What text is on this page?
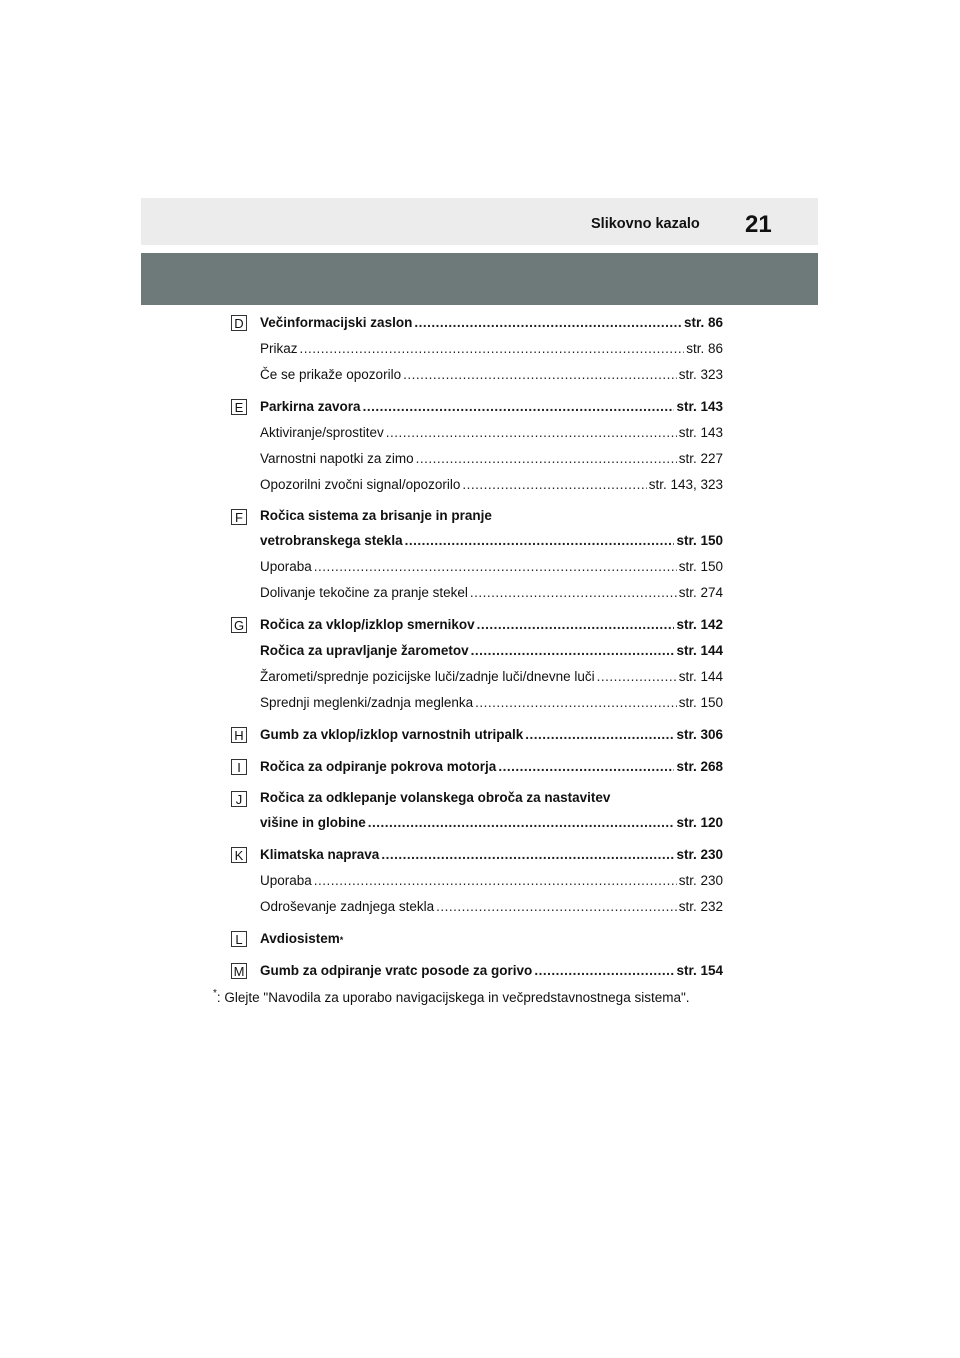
Slikovno kazalo 21
D Večinformacijski zaslon .....	str. 86
Prikaz .....	str. 86
Če se prikaže opozorilo .....	str. 323
E Parkirna zavora .....	str. 143
Aktiviranje/sprostitev .....	str. 143
Varnostni napotki za zimo .....	str. 227
Opozorilni zvočni signal/opozorilo .....	str. 143, 323
F Ročica sistema za brisanje in pranje
vetrobranskega stekla .....	str. 150
Uporaba .....	str. 150
Dolivanje tekočine za pranje stekel .....	str. 274
G Ročica za vklop/izklop smernikov .....	str. 142
Ročica za upravljanje žarometov .....	str. 144
Žarometi/sprednje pozicijske luči/zadnje luči/dnevne luči .....	str. 144
Sprednji meglenki/zadnja meglenka .....	str. 150
H Gumb za vklop/izklop varnostnih utripalk .....	str. 306
I	Ročica za odpiranje pokrova motorja .....	str. 268
J	Ročica za odklepanje volanskega obroča za nastavitev
višine in globine .....	str. 120
K Klimatska naprava .....	str. 230
Uporaba .....	str. 230
Odroševanje zadnjega stekla .....	str. 232
L	Avdiosistem *
M Gumb za odpiranje vratc posode za gorivo .....	str. 154
*: Glejte "Navodila za uporabo navigacijskega in večpredstavnostnega sistema".
